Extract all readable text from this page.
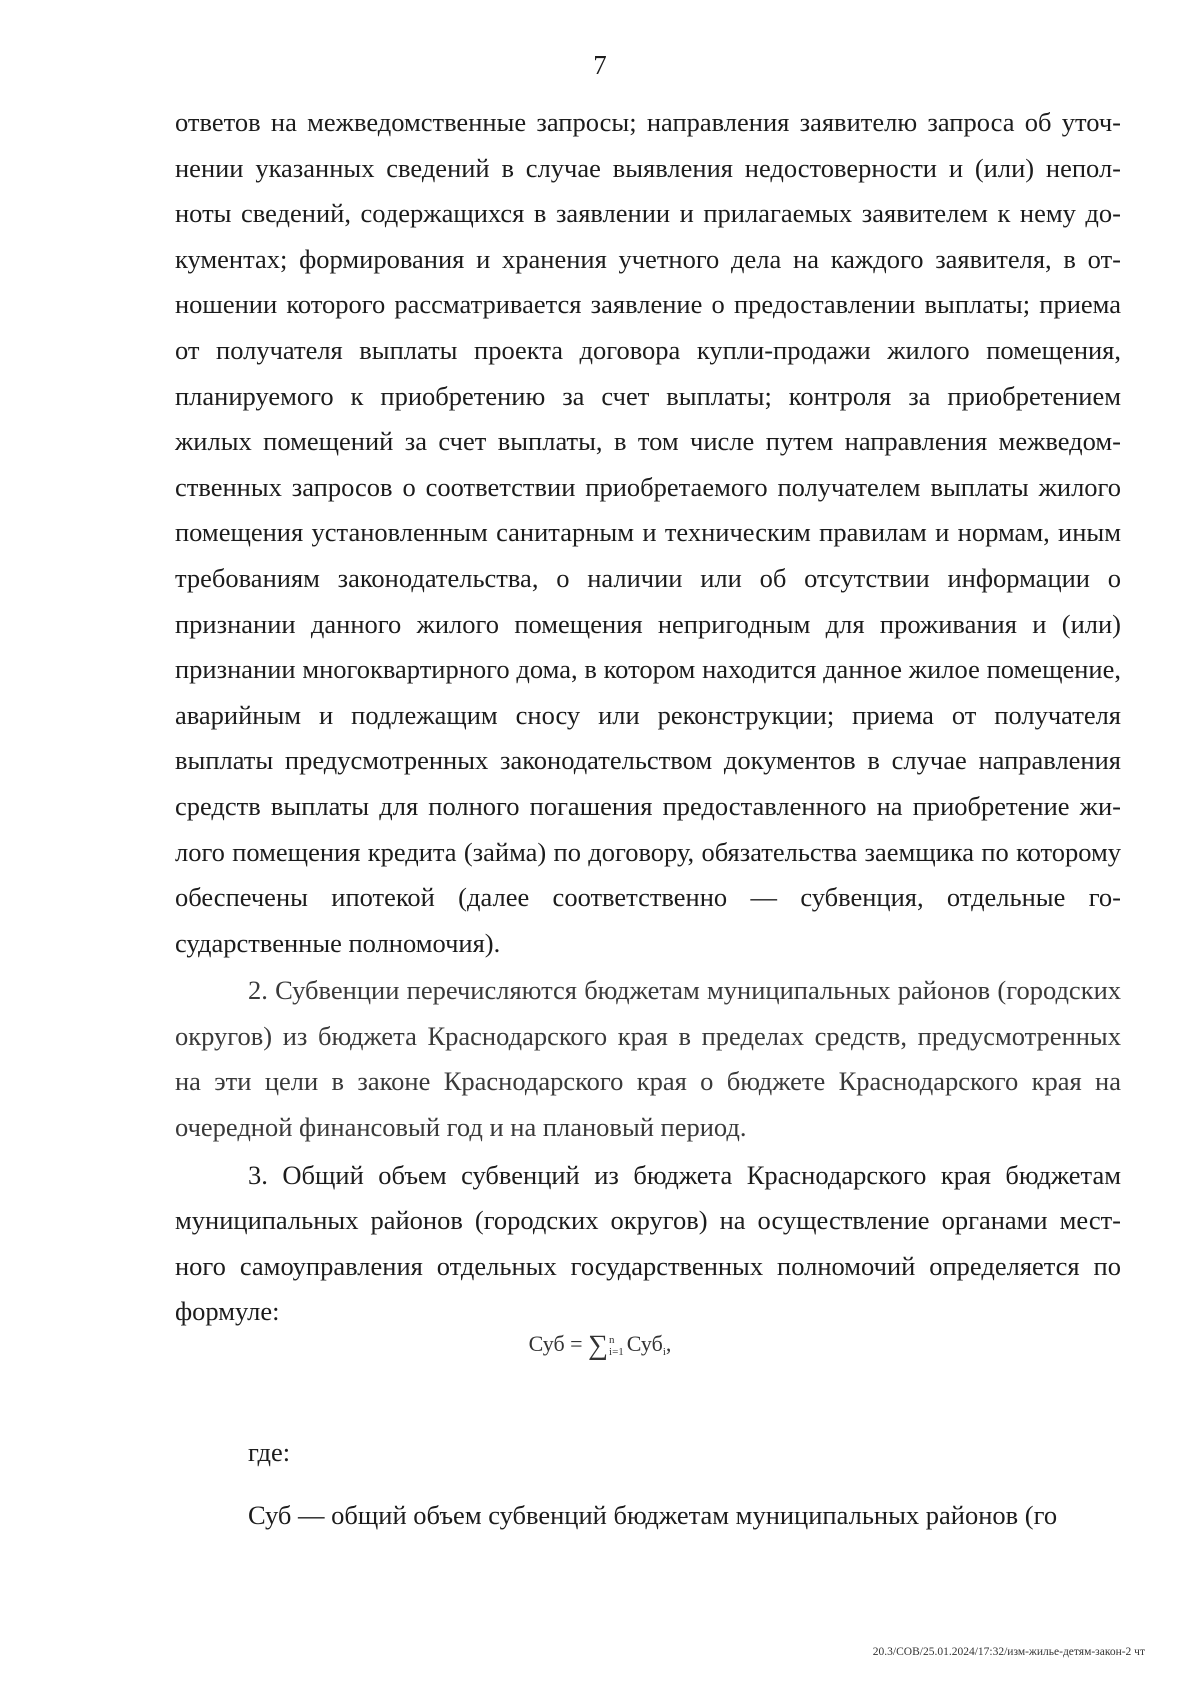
7

ответов на межведомственные запросы; направления заявителю запроса об уточнении указанных сведений в случае выявления недостоверности и (или) неполноты сведений, содержащихся в заявлении и прилагаемых заявителем к нему документах; формирования и хранения учетного дела на каждого заявителя, в отношении которого рассматривается заявление о предоставлении выплаты; приема от получателя выплаты проекта договора купли-продажи жилого помещения, планируемого к приобретению за счет выплаты; контроля за приобретением жилых помещений за счет выплаты, в том числе путем направления межведомственных запросов о соответствии приобретаемого получателем выплаты жилого помещения установленным санитарным и техническим правилам и нормам, иным требованиям законодательства, о наличии или об отсутствии информации о признании данного жилого помещения непригодным для проживания и (или) признании многоквартирного дома, в котором находится данное жилое помещение, аварийным и подлежащим сносу или реконструкции; приема от получателя выплаты предусмотренных законодательством документов в случае направления средств выплаты для полного погашения предоставленного на приобретение жилого помещения кредита (займа) по договору, обязательства заемщика по которому обеспечены ипотекой (далее соответственно — субвенция, отдельные государственные полномочия).

2. Субвенции перечисляются бюджетам муниципальных районов (городских округов) из бюджета Краснодарского края в пределах средств, предусмотренных на эти цели в законе Краснодарского края о бюджете Краснодарского края на очередной финансовый год и на плановый период.

3. Общий объем субвенций из бюджета Краснодарского края бюджетам муниципальных районов (городских округов) на осуществление органами местного самоуправления отдельных государственных полномочий определяется по формуле:

Суб = ∑ n
i=1 Субi,
где:

Суб — общий объем субвенций бюджетам муниципальных районов (го

20.3/СОВ/25.01.2024/17:32/изм-жилье-детям-закон-2 чт
